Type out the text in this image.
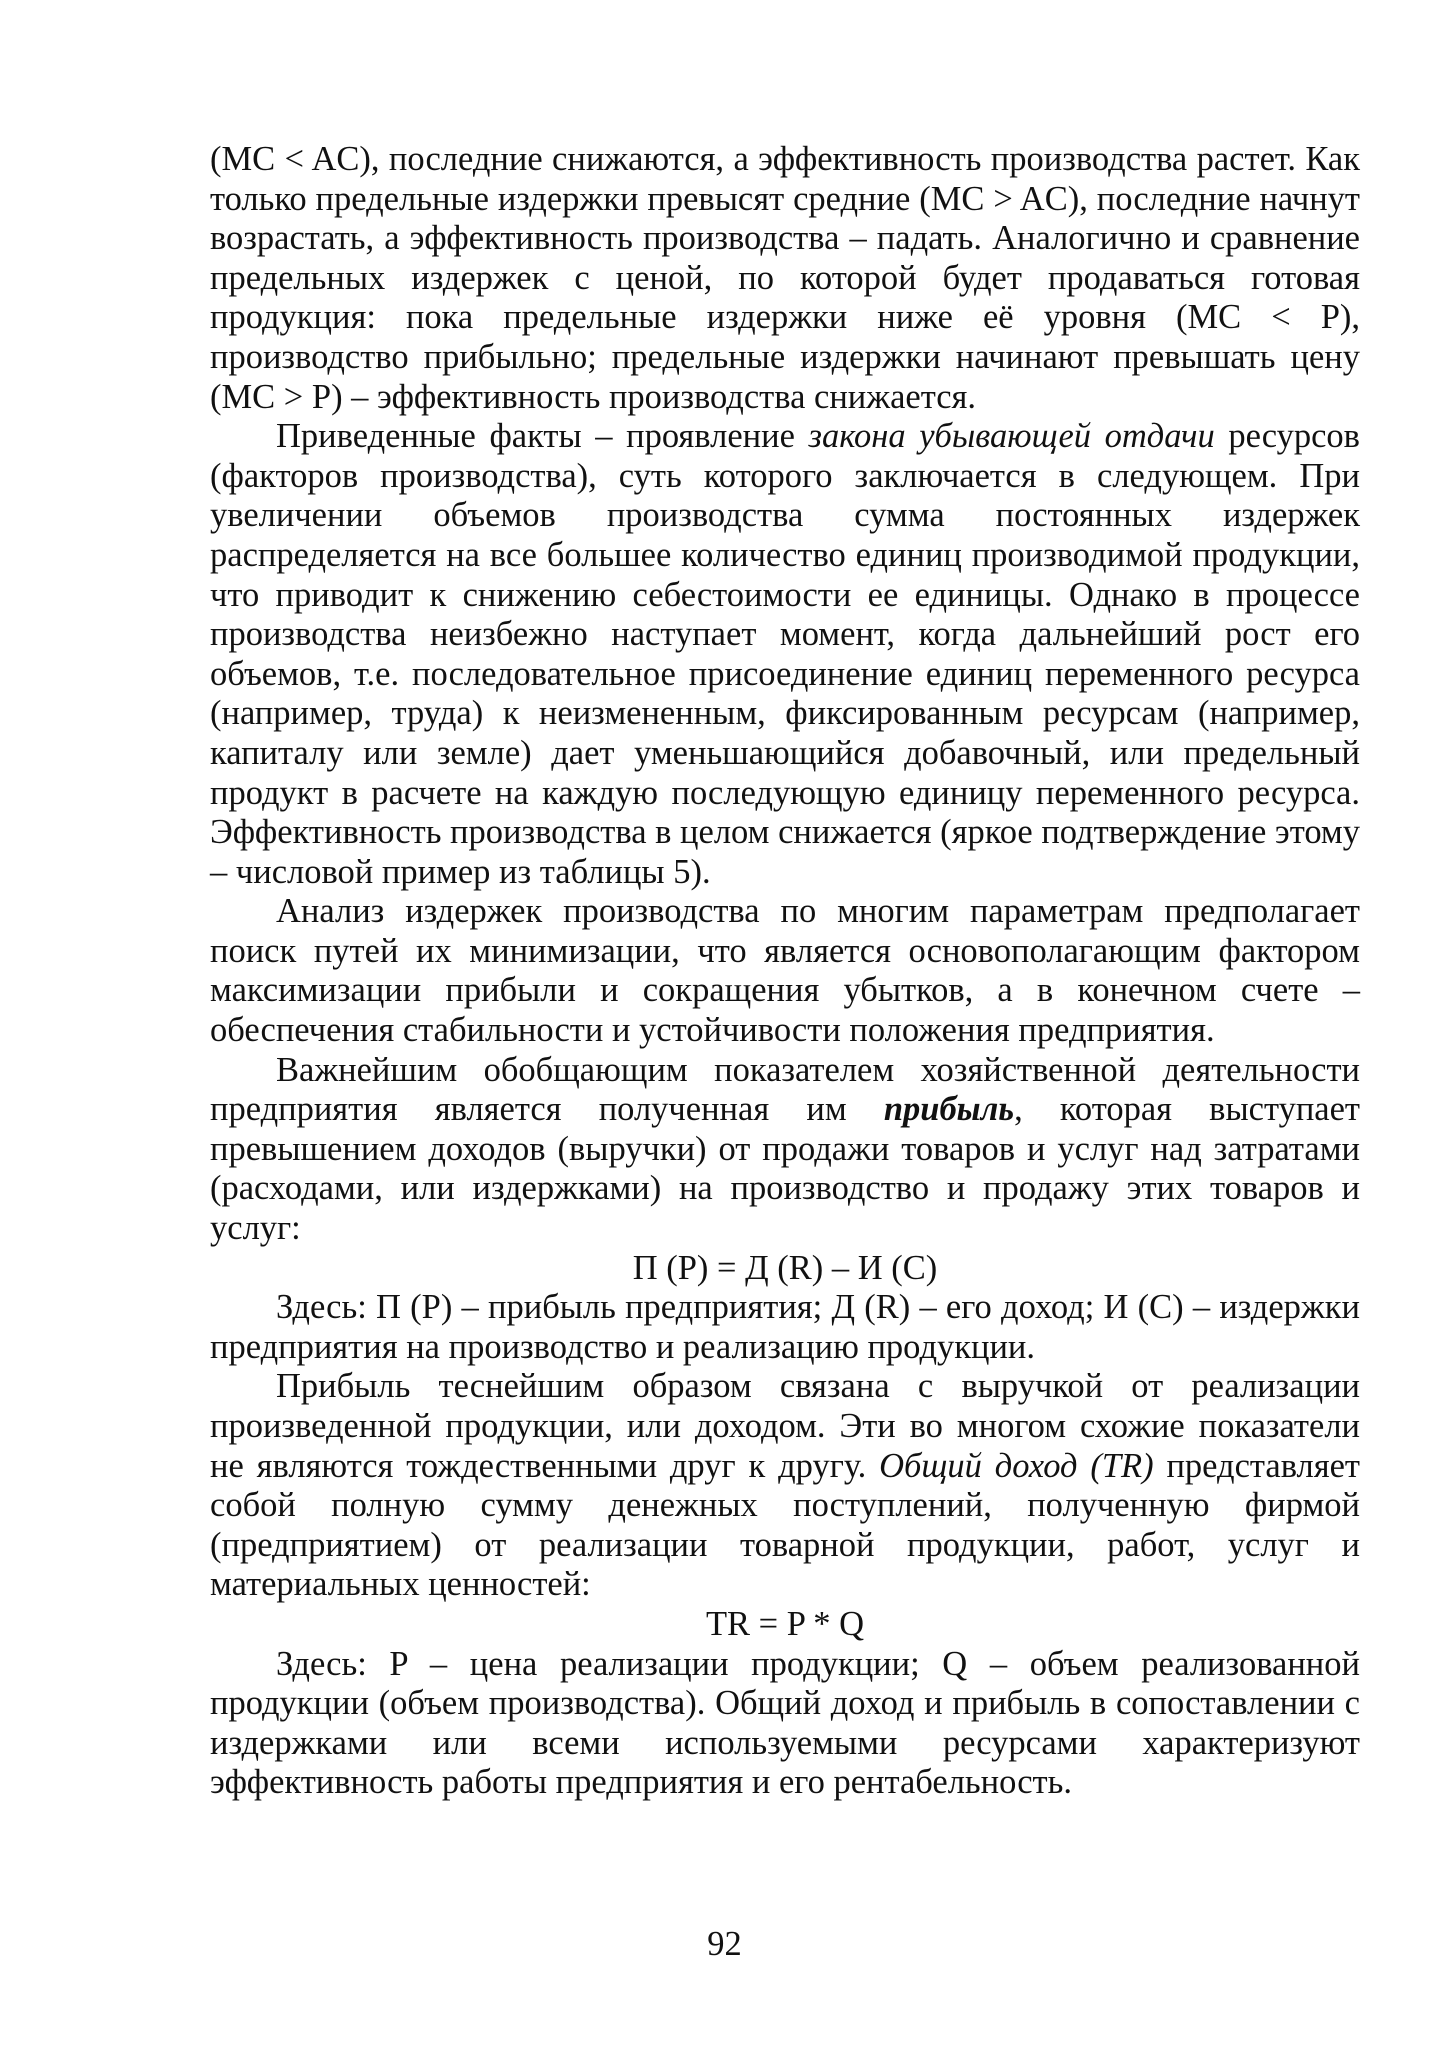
(MC < AC), последние снижаются, а эффективность производства растет. Как только предельные издержки превысят средние (MC > AC), последние начнут возрастать, а эффективность производства – падать. Аналогично и сравнение предельных издержек с ценой, по которой будет продаваться готовая продукция: пока предельные издержки ниже её уровня (MC < P), производство прибыльно; предельные издержки начинают превышать цену (MC > P) – эффективность производства снижается.

Приведенные факты – проявление закона убывающей отдачи ресурсов (факторов производства), суть которого заключается в следующем. При увеличении объемов производства сумма постоянных издержек распределяется на все большее количество единиц производимой продукции, что приводит к снижению себестоимости ее единицы. Однако в процессе производства неизбежно наступает момент, когда дальнейший рост его объемов, т.е. последовательное присоединение единиц переменного ресурса (например, труда) к неизмененным, фиксированным ресурсам (например, капиталу или земле) дает уменьшающийся добавочный, или предельный продукт в расчете на каждую последующую единицу переменного ресурса. Эффективность производства в целом снижается (яркое подтверждение этому – числовой пример из таблицы 5).

Анализ издержек производства по многим параметрам предполагает поиск путей их минимизации, что является основополагающим фактором максимизации прибыли и сокращения убытков, а в конечном счете – обеспечения стабильности и устойчивости положения предприятия.

Важнейшим обобщающим показателем хозяйственной деятельности предприятия является полученная им прибыль, которая выступает превышением доходов (выручки) от продажи товаров и услуг над затратами (расходами, или издержками) на производство и продажу этих товаров и услуг:

П (P) = Д (R) – И (C)

Здесь: П (P) – прибыль предприятия; Д (R) – его доход; И (C) – издержки предприятия на производство и реализацию продукции.

Прибыль теснейшим образом связана с выручкой от реализации произведенной продукции, или доходом. Эти во многом схожие показатели не являются тождественными друг к другу. Общий доход (TR) представляет собой полную сумму денежных поступлений, полученную фирмой (предприятием) от реализации товарной продукции, работ, услуг и материальных ценностей:

TR = P * Q

Здесь: P – цена реализации продукции; Q – объем реализованной продукции (объем производства). Общий доход и прибыль в сопоставлении с издержками или всеми используемыми ресурсами характеризуют эффективность работы предприятия и его рентабельность.

92
